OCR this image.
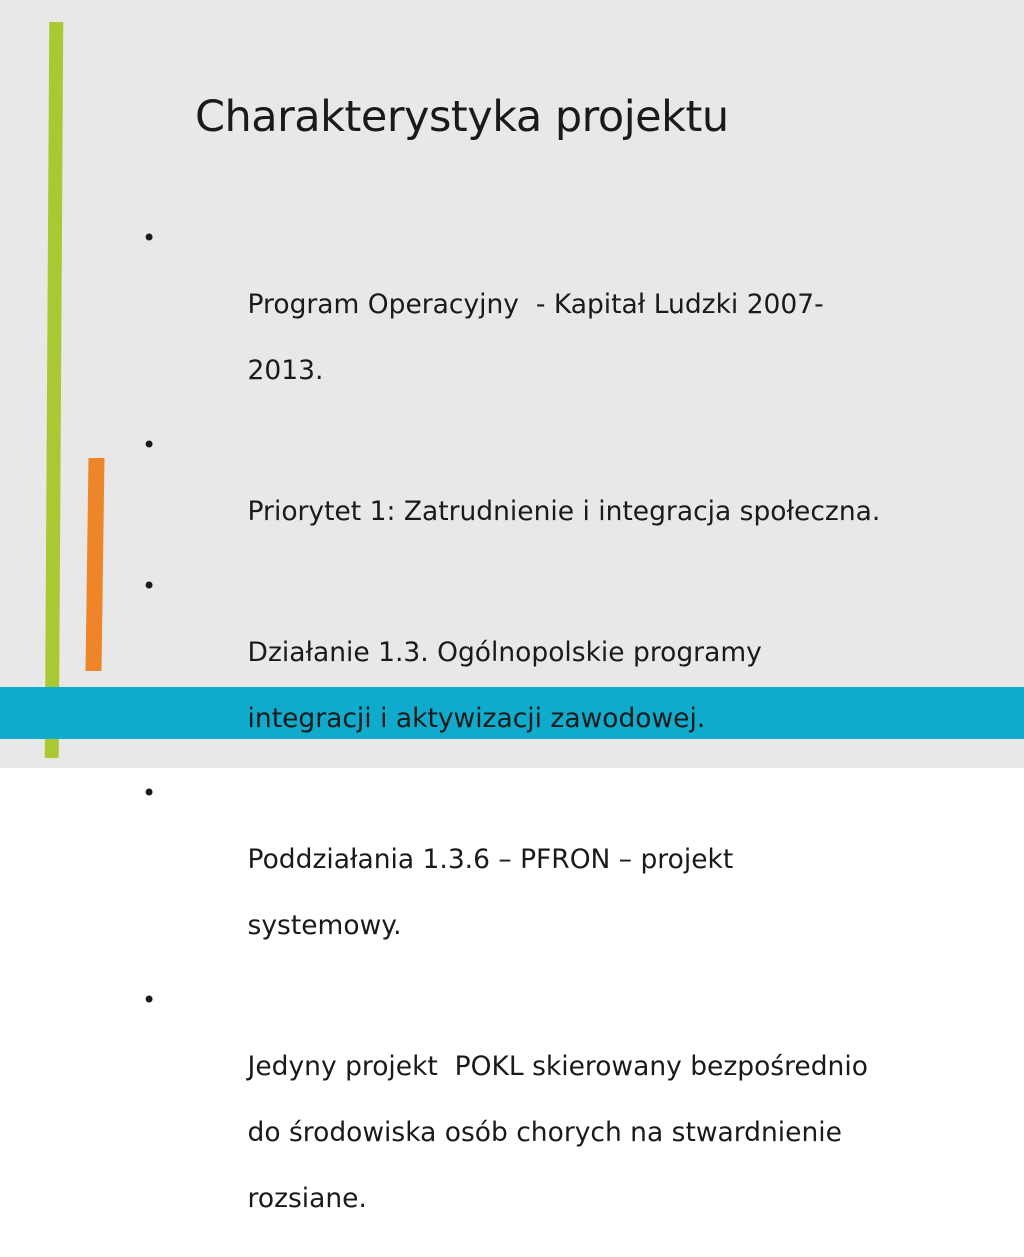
Charakterystyka projektu

•

Program Operacyjny  - Kapitał Ludzki 2007-

2013.

•

Priorytet 1: Zatrudnienie i integracja społeczna.

•

Działanie 1.3. Ogólnopolskie programy

integracji i aktywizacji zawodowej.

•

Poddziałania 1.3.6 – PFRON – projekt

systemowy.

•

Jedyny projekt  POKL skierowany bezpośrednio

do środowiska osób chorych na stwardnienie

rozsiane.
